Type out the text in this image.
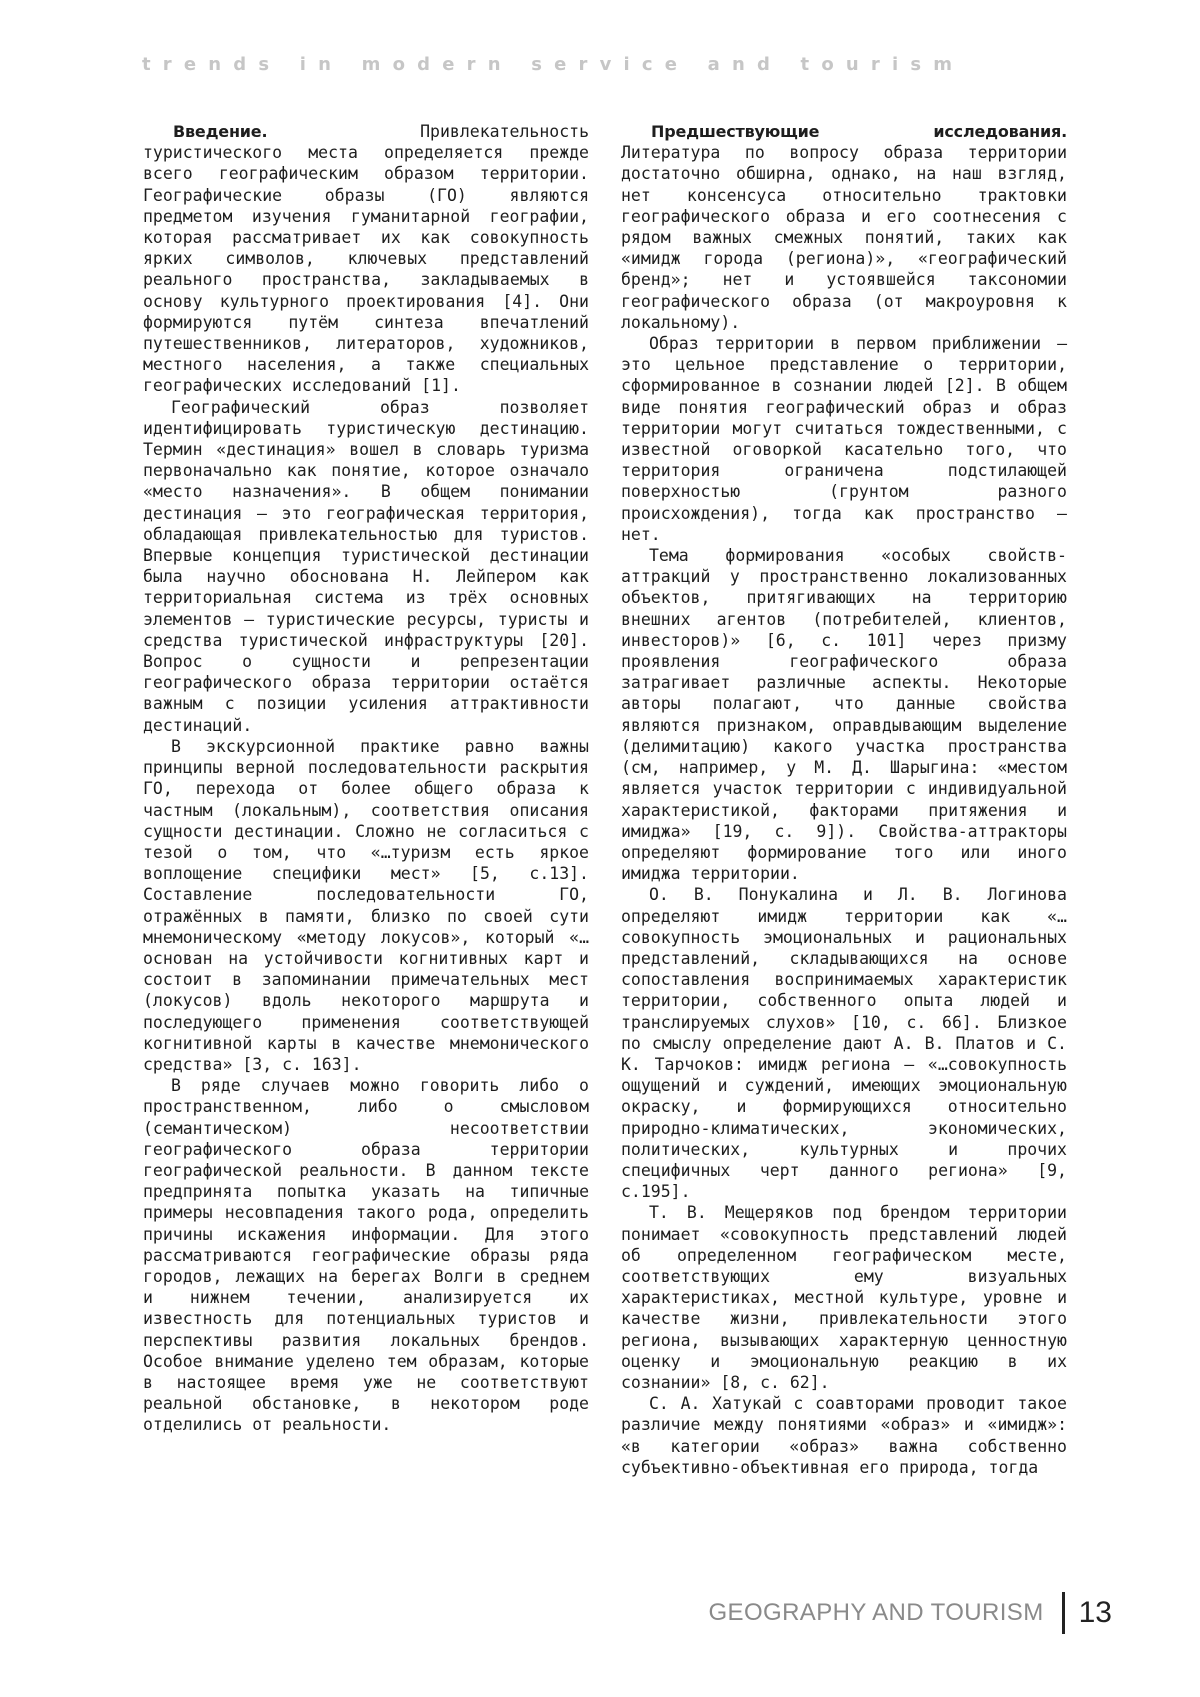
trends in modern service and tourism

Введение. Привлекательность туристического места определяется прежде всего географическим образом территории. Географические образы (ГО) являются предметом изучения гуманитарной географии, которая рассматривает их как совокупность ярких символов, ключевых представлений реального пространства, закладываемых в основу культурного проектирования [4]. Они формируются путём синтеза впечатлений путешественников, литераторов, художников, местного населения, а также специальных географических исследований [1].

Географический образ позволяет идентифицировать туристическую дестинацию. Термин «дестинация» вошел в словарь туризма первоначально как понятие, которое означало «место назначения». В общем понимании дестинация — это географическая территория, обладающая привлекательностью для туристов. Впервые концепция туристической дестинации была научно обоснована Н. Лейпером как территориальная система из трёх основных элементов — туристические ресурсы, туристы и средства туристической инфраструктуры [20]. Вопрос о сущности и репрезентации географического образа территории остаётся важным с позиции усиления аттрактивности дестинаций.

В экскурсионной практике равно важны принципы верной последовательности раскрытия ГО, перехода от более общего образа к частным (локальным), соответствия описания сущности дестинации. Сложно не согласиться с тезой о том, что «…туризм есть яркое воплощение специфики мест» [5, с.13]. Составление последовательности ГО, отражённых в памяти, близко по своей сути мнемоническому «методу локусов», который «… основан на устойчивости когнитивных карт и состоит в запоминании примечательных мест (локусов) вдоль некоторого маршрута и последующего применения соответствующей когнитивной карты в качестве мнемонического средства» [3, с. 163].

В ряде случаев можно говорить либо о пространственном, либо о смысловом (семантическом) несоответствии географического образа территории географической реальности. В данном тексте предпринята попытка указать на типичные примеры несовпадения такого рода, определить причины искажения информации. Для этого рассматриваются географические образы ряда городов, лежащих на берегах Волги в среднем и нижнем течении, анализируется их известность для потенциальных туристов и перспективы развития локальных брендов. Особое внимание уделено тем образам, которые в настоящее время уже не соответствуют реальной обстановке, в некотором роде отделились от реальности.

Предшествующие исследования. Литература по вопросу образа территории достаточно обширна, однако, на наш взгляд, нет консенсуса относительно трактовки географического образа и его соотнесения с рядом важных смежных понятий, таких как «имидж города (региона)», «географический бренд»; нет и устоявшейся таксономии географического образа (от макроуровня к локальному).

Образ территории в первом приближении — это цельное представление о территории, сформированное в сознании людей [2]. В общем виде понятия географический образ и образ территории могут считаться тождественными, с известной оговоркой касательно того, что территория ограничена подстилающей поверхностью (грунтом разного происхождения), тогда как пространство — нет.

Тема формирования «особых свойств-аттракций у пространственно локализованных объектов, притягивающих на территорию внешних агентов (потребителей, клиентов, инвесторов)» [6, с. 101] через призму проявления географического образа затрагивает различные аспекты. Некоторые авторы полагают, что данные свойства являются признаком, оправдывающим выделение (делимитацию) какого участка пространства (см, например, у М. Д. Шарыгина: «местом является участок территории с индивидуальной характеристикой, факторами притяжения и имиджа» [19, с. 9]). Свойства-аттракторы определяют формирование того или иного имиджа территории.

О. В. Понукалина и Л. В. Логинова определяют имидж территории как «…совокупность эмоциональных и рациональных представлений, складывающихся на основе сопоставления воспринимаемых характеристик территории, собственного опыта людей и транслируемых слухов» [10, с. 66]. Близкое по смыслу определение дают А. В. Платов и С. К. Тарчоков: имидж региона — «…совокупность ощущений и суждений, имеющих эмоциональную окраску, и формирующихся относительно природно-климатических, экономических, политических, культурных и прочих специфичных черт данного региона» [9, с.195].

Т. В. Мещеряков под брендом территории понимает «совокупность представлений людей об определенном географическом месте, соответствующих ему визуальных характеристиках, местной культуре, уровне и качестве жизни, привлекательности этого региона, вызывающих характерную ценностную оценку и эмоциональную реакцию в их сознании» [8, с. 62].

С. А. Хатукай с соавторами проводит такое различие между понятиями «образ» и «имидж»: «в категории «образ» важна собственно субъективно-объективная его природа, тогда

GEOGRAPHY AND TOURISM 13
